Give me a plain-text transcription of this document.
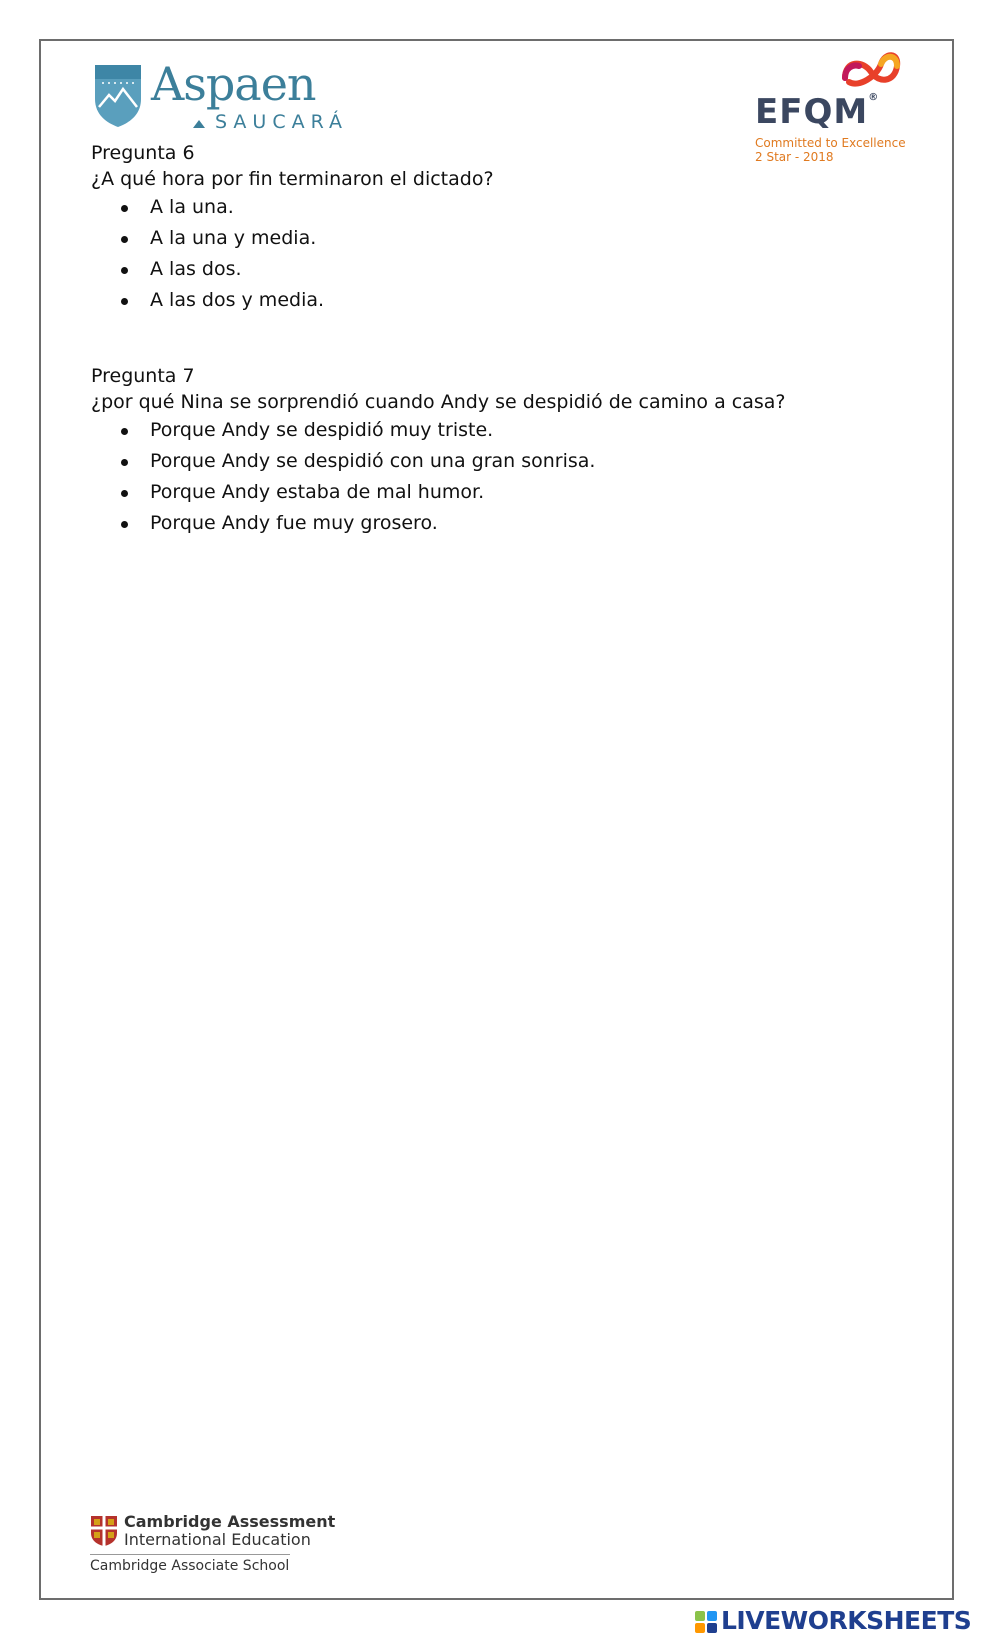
Aspaen
SAUCARÁ	EFQM®
Committed to Excellence
2 Star - 2018
Pregunta 6
¿A qué hora por fin terminaron el dictado?
A la una.
A la una y media.
A las dos.
A las dos y media.
Pregunta 7
¿por qué Nina se sorprendió cuando Andy se despidió de camino a casa?
Porque Andy se despidió muy triste.
Porque Andy se despidió con una gran sonrisa.
Porque Andy estaba de mal humor.
Porque Andy fue muy grosero.
Cambridge Assessment
International Education
Cambridge Associate School
LIVEWORKSHEETS
